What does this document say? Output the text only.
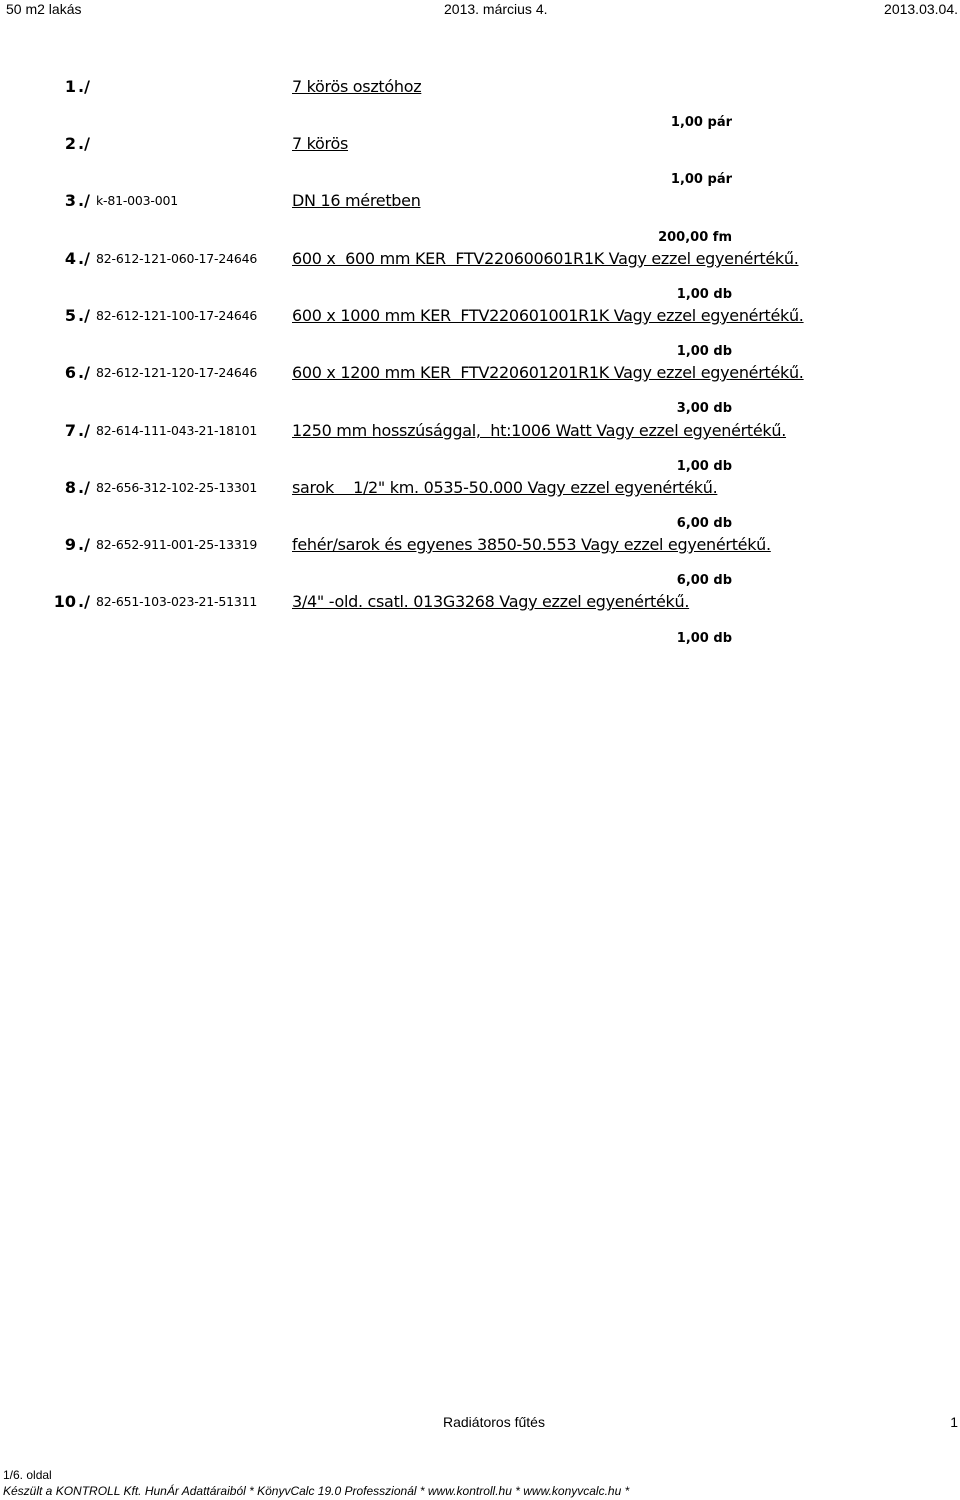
50 m2 lakás	2013. március 4.	2013.03.04.
1 ./	7 körös osztóhoz
1,00 pár
2 ./	7 körös
1,00 pár
3 ./ k-81-003-001	DN 16 méretben
200,00 fm
4 ./ 82-612-121-060-17-24646 600 x  600 mm KER  FTV220600601R1K Vagy ezzel egyenértékű.
1,00 db
5 ./ 82-612-121-100-17-24646 600 x 1000 mm KER  FTV220601001R1K Vagy ezzel egyenértékű.
1,00 db
6 ./ 82-612-121-120-17-24646 600 x 1200 mm KER  FTV220601201R1K Vagy ezzel egyenértékű.
3,00 db
7 ./ 82-614-111-043-21-18101 1250 mm hosszúsággal,  ht:1006 Watt Vagy ezzel egyenértékű.
1,00 db
8 ./ 82-656-312-102-25-13301 sarok    1/2" km. 0535-50.000 Vagy ezzel egyenértékű.
6,00 db
9 ./ 82-652-911-001-25-13319 fehér/sarok és egyenes 3850-50.553 Vagy ezzel egyenértékű.
6,00 db
10 ./ 82-651-103-023-21-51311 3/4" -old. csatl. 013G3268 Vagy ezzel egyenértékű.
1,00 db
Radiátoros fűtés	1
1/6. oldal
Készült a KONTROLL Kft. HunÁr Adattáraiból * KönyvCalc 19.0 Professzionál * www.kontroll.hu * www.konyvcalc.hu *
